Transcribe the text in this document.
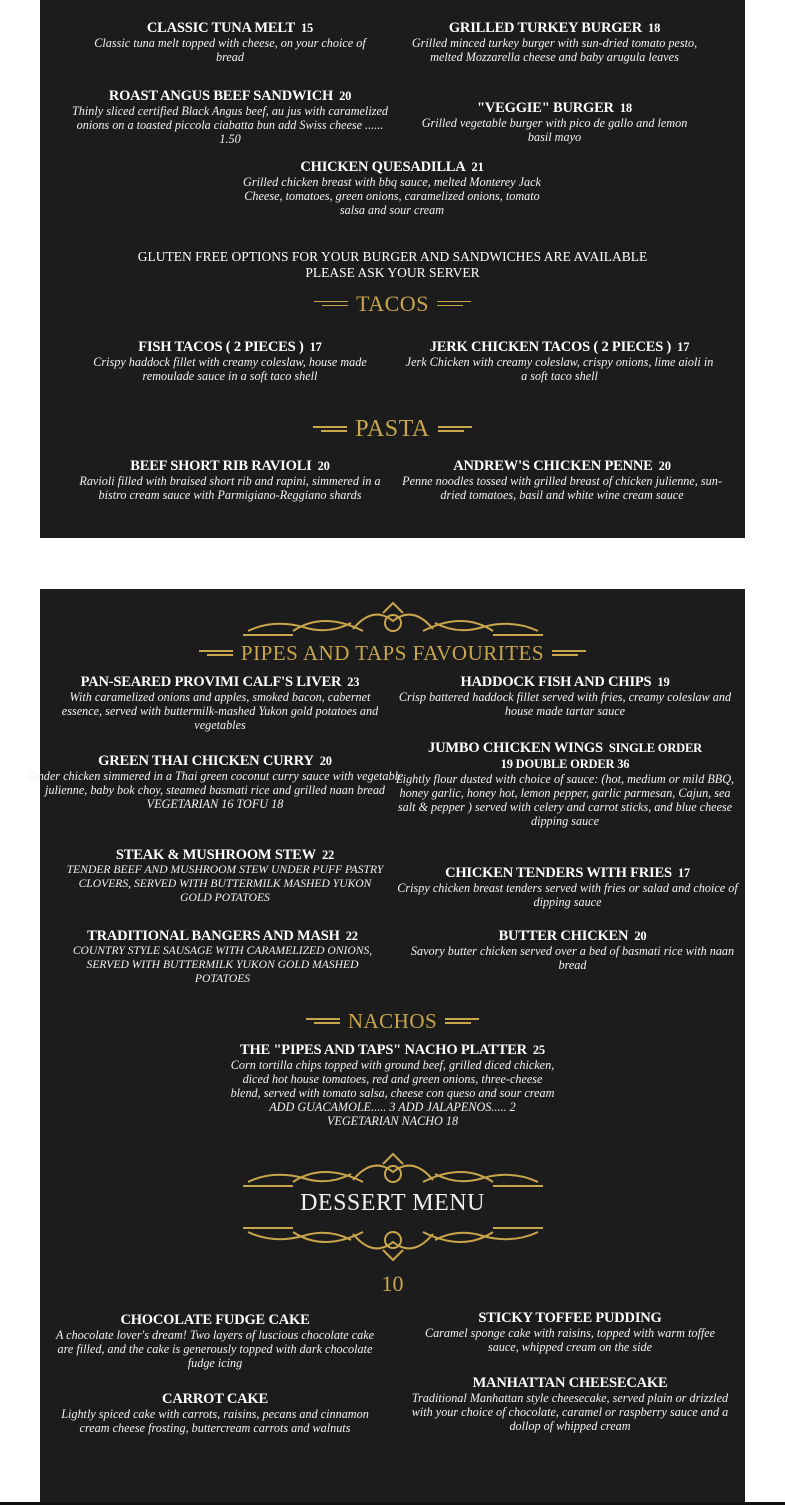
CLASSIC TUNA MELT 15
Classic tuna melt topped with cheese, on your choice of bread
GRILLED TURKEY BURGER 18
Grilled minced turkey burger with sun-dried tomato pesto, melted Mozzarella cheese and baby arugula leaves
ROAST ANGUS BEEF SANDWICH 20
Thinly sliced certified Black Angus beef, au jus with caramelized onions on a toasted piccola ciabatta bun add Swiss cheese ...... 1.50
"VEGGIE" BURGER 18
Grilled vegetable burger with pico de gallo and lemon basil mayo
CHICKEN QUESADILLA 21
Grilled chicken breast with bbq sauce, melted Monterey Jack Cheese, tomatoes, green onions, caramelized onions, tomato salsa and sour cream
GLUTEN FREE OPTIONS FOR YOUR BURGER AND SANDWICHES ARE AVAILABLE
PLEASE ASK YOUR SERVER
TACOS
FISH TACOS ( 2 PIECES ) 17
Crispy haddock fillet with creamy coleslaw, house made remoulade sauce in a soft taco shell
JERK CHICKEN TACOS ( 2 PIECES ) 17
Jerk Chicken with creamy coleslaw, crispy onions, lime aioli in a soft taco shell
PASTA
BEEF SHORT RIB RAVIOLI 20
Ravioli filled with braised short rib and rapini, simmered in a bistro cream sauce with Parmigiano-Reggiano shards
ANDREW'S CHICKEN PENNE 20
Penne noodles tossed with grilled breast of chicken julienne, sun-dried tomatoes, basil and white wine cream sauce
PIPES AND TAPS FAVOURITES
PAN-SEARED PROVIMI CALF'S LIVER 23
With caramelized onions and apples, smoked bacon, cabernet essence, served with buttermilk-mashed Yukon gold potatoes and vegetables
HADDOCK FISH AND CHIPS 19
Crisp battered haddock fillet served with fries, creamy coleslaw and house made tartar sauce
GREEN THAI CHICKEN CURRY 20
Tender chicken simmered in a Thai green coconut curry sauce with vegetable julienne, baby bok choy, steamed basmati rice and grilled naan bread
VEGETARIAN 16 TOFU 18
JUMBO CHICKEN WINGS SINGLE ORDER
19 DOUBLE ORDER 36
Lightly flour dusted with choice of sauce: (hot, medium or mild BBQ, honey garlic, honey hot, lemon pepper, garlic parmesan, Cajun, sea salt & pepper ) served with celery and carrot sticks, and blue cheese dipping sauce
STEAK & MUSHROOM STEW 22
TENDER BEEF AND MUSHROOM STEW UNDER PUFF PASTRY CLOVERS, SERVED WITH BUTTERMILK MASHED YUKON GOLD POTATOES
CHICKEN TENDERS WITH FRIES 17
Crispy chicken breast tenders served with fries or salad and choice of dipping sauce
TRADITIONAL BANGERS AND MASH 22
COUNTRY STYLE SAUSAGE WITH CARAMELIZED ONIONS, SERVED WITH BUTTERMILK YUKON GOLD MASHED POTATOES
BUTTER CHICKEN 20
Savory butter chicken served over a bed of basmati rice with naan bread
NACHOS
THE "PIPES AND TAPS" NACHO PLATTER 25
Corn tortilla chips topped with ground beef, grilled diced chicken, diced hot house tomatoes, red and green onions, three-cheese blend, served with tomato salsa, cheese con queso and sour cream
ADD GUACAMOLE..... 3 ADD JALAPENOS..... 2
VEGETARIAN NACHO 18
DESSERT MENU
10
CHOCOLATE FUDGE CAKE
A chocolate lover's dream! Two layers of luscious chocolate cake are filled, and the cake is generously topped with dark chocolate fudge icing
STICKY TOFFEE PUDDING
Caramel sponge cake with raisins, topped with warm toffee sauce, whipped cream on the side
CARROT CAKE
Lightly spiced cake with carrots, raisins, pecans and cinnamon cream cheese frosting, buttercream carrots and walnuts
MANHATTAN CHEESECAKE
Traditional Manhattan style cheesecake, served plain or drizzled with your choice of chocolate, caramel or raspberry sauce and a dollop of whipped cream
